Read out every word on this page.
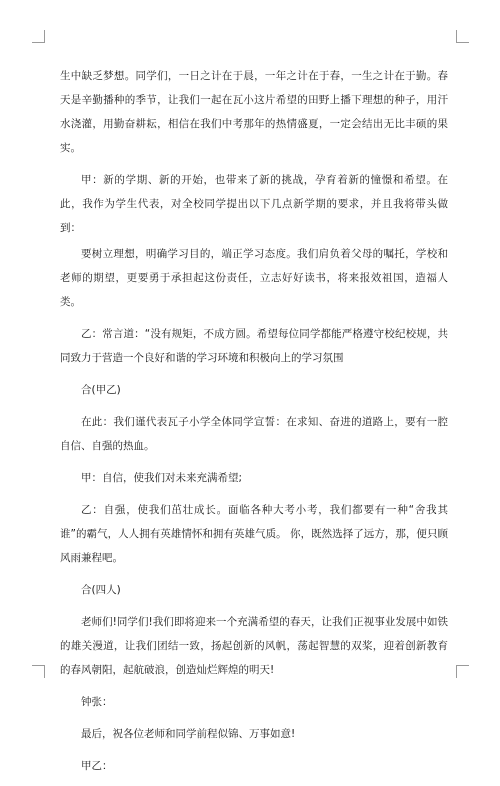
生中缺乏梦想。同学们，一日之计在于晨，一年之计在于春，一生之计在于勤。春天是辛勤播种的季节，让我们一起在瓦小这片希望的田野上播下理想的种子，用汗水浇灌，用勤奋耕耘，相信在我们中考那年的热情盛夏，一定会结出无比丰硕的果实。

甲：新的学期、新的开始，也带来了新的挑战，孕育着新的憧憬和希望。在此，我作为学生代表，对全校同学提出以下几点新学期的要求，并且我将带头做到：

要树立理想，明确学习目的，端正学习态度。我们肩负着父母的嘱托，学校和老师的期望，更要勇于承担起这份责任，立志好好读书，将来报效祖国，造福人类。

乙：常言道：“没有规矩，不成方圆。希望每位同学都能严格遵守校纪校规，共同致力于营造一个良好和谐的学习环境和积极向上的学习氛围

合(甲乙)

在此：我们谨代表瓦子小学全体同学宣誓：在求知、奋进的道路上，要有一腔自信、自强的热血。

甲：自信，使我们对未来充满希望;

乙：自强，使我们茁壮成长。面临各种大考小考，我们都要有一种“舍我其谁”的霸气，人人拥有英雄情怀和拥有英雄气质。 你，既然选择了远方，那，便只顾风雨兼程吧。

合(四人)

老师们!同学们!我们即将迎来一个充满希望的春天，让我们正视事业发展中如铁的雄关漫道，让我们团结一致，扬起创新的风帆，荡起智慧的双桨，迎着创新教育的春风朝阳，起航破浪，创造灿烂辉煌的明天!

钟张：

最后，祝各位老师和同学前程似锦、万事如意!

甲乙：
